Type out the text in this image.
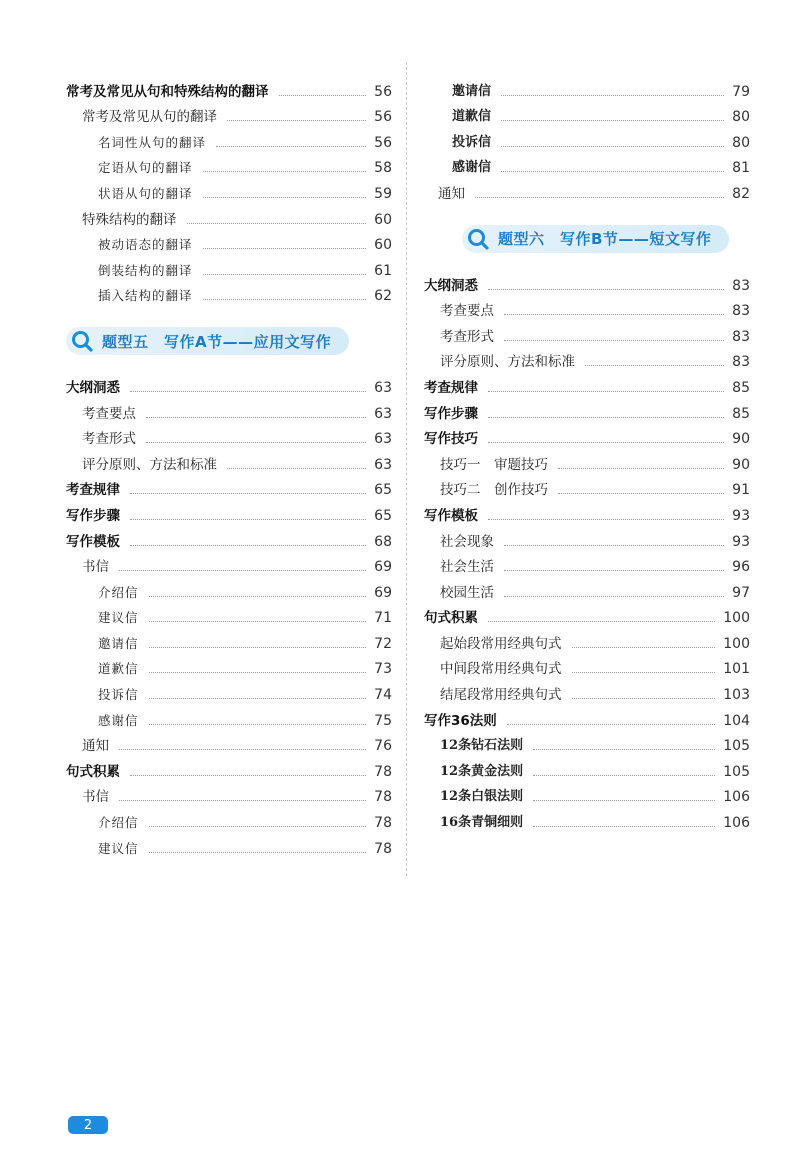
常考及常见从句和特殊结构的翻译	56
常考及常见从句的翻译	56
名词性从句的翻译	56
定语从句的翻译	58
状语从句的翻译	59
特殊结构的翻译	60
被动语态的翻译	60
倒装结构的翻译	61
插入结构的翻译	62
题型五　写作A节——应用文写作
大纲洞悉	63
考查要点	63
考查形式	63
评分原则、方法和标准	63
考查规律	65
写作步骤	65
写作模板	68
书信	69
介绍信	69
建议信	71
邀请信	72
道歉信	73
投诉信	74
感谢信	75
通知	76
句式积累	78
书信	78
介绍信	78
建议信	78
邀请信	79
道歉信	80
投诉信	80
感谢信	81
通知	82
题型六　写作B节——短文写作
大纲洞悉	83
考查要点	83
考查形式	83
评分原则、方法和标准	83
考查规律	85
写作步骤	85
写作技巧	90
技巧一　审题技巧	90
技巧二　创作技巧	91
写作模板	93
社会现象	93
社会生活	96
校园生活	97
句式积累	100
起始段常用经典句式	100
中间段常用经典句式	101
结尾段常用经典句式	103
写作36法则	104
12条钻石法则	105
12条黄金法则	105
12条白银法则	106
16条青铜细则	106
2
